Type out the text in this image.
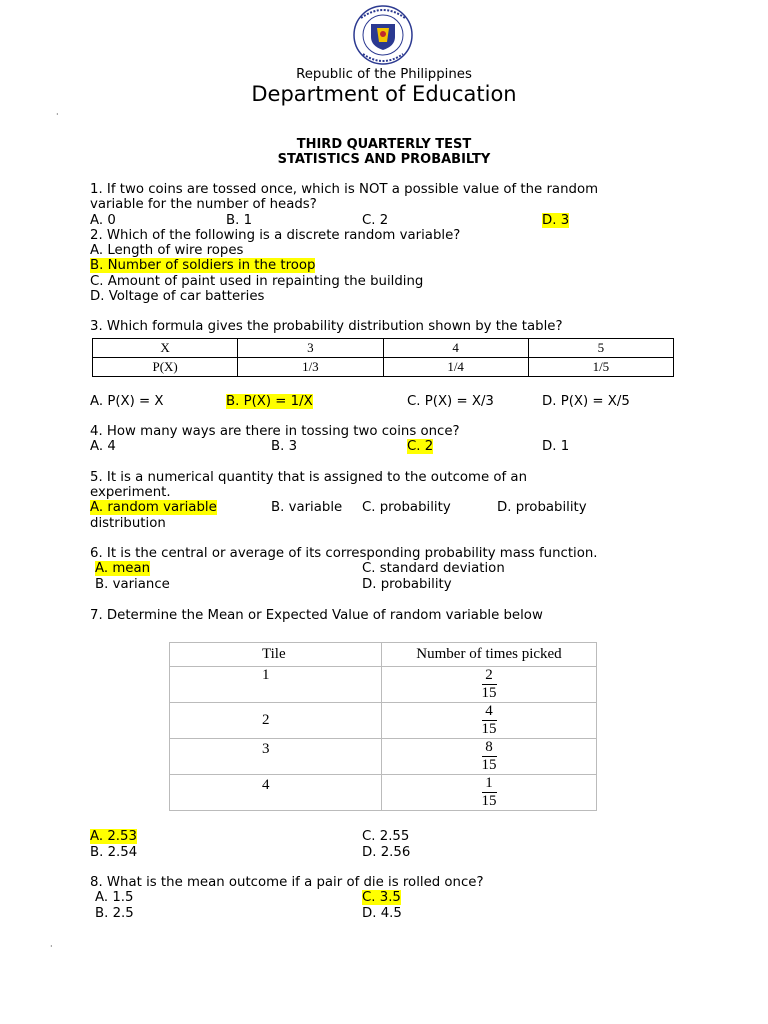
Republic of the Philippines
Department of Education
·
THIRD QUARTERLY TEST
STATISTICS AND PROBABILTY
1. If two coins are tossed once, which is NOT a possible value of the random
variable for the number of heads?
A. 0	B. 1	C. 2	D. 3
2. Which of the following is a discrete random variable?
A. Length of wire ropes
B. Number of soldiers in the troop
C. Amount of paint used in repainting the building
D. Voltage of car batteries
3. Which formula gives the probability distribution shown by the table?
X	3	4	5
P(X)	1/3	1/4	1/5
A. P(X) = X	B. P(X) = 1/X	C. P(X) = X/3	D. P(X) = X/5
4. How many ways are there in tossing two coins once?
A. 4	B. 3	C. 2	D. 1
5. It is a numerical quantity that is assigned to the outcome of an
experiment.
A. random variable	B. variable C. probability	D. probability
distribution
6. It is the central or average of its corresponding probability mass function.
A. mean	C. standard deviation
B. variance	D. probability
7. Determine the Mean or Expected Value of random variable below
Tile	Number of times picked
1	$\frac{2}{15}$

2	$\frac{4}{15}$

3	$\frac{8}{15}$

4	$\frac{1}{15}$
A. 2.53	C. 2.55
B. 2.54	D. 2.56
8. What is the mean outcome if a pair of die is rolled once?
A. 1.5	C. 3.5
B. 2.5	D. 4.5
·
